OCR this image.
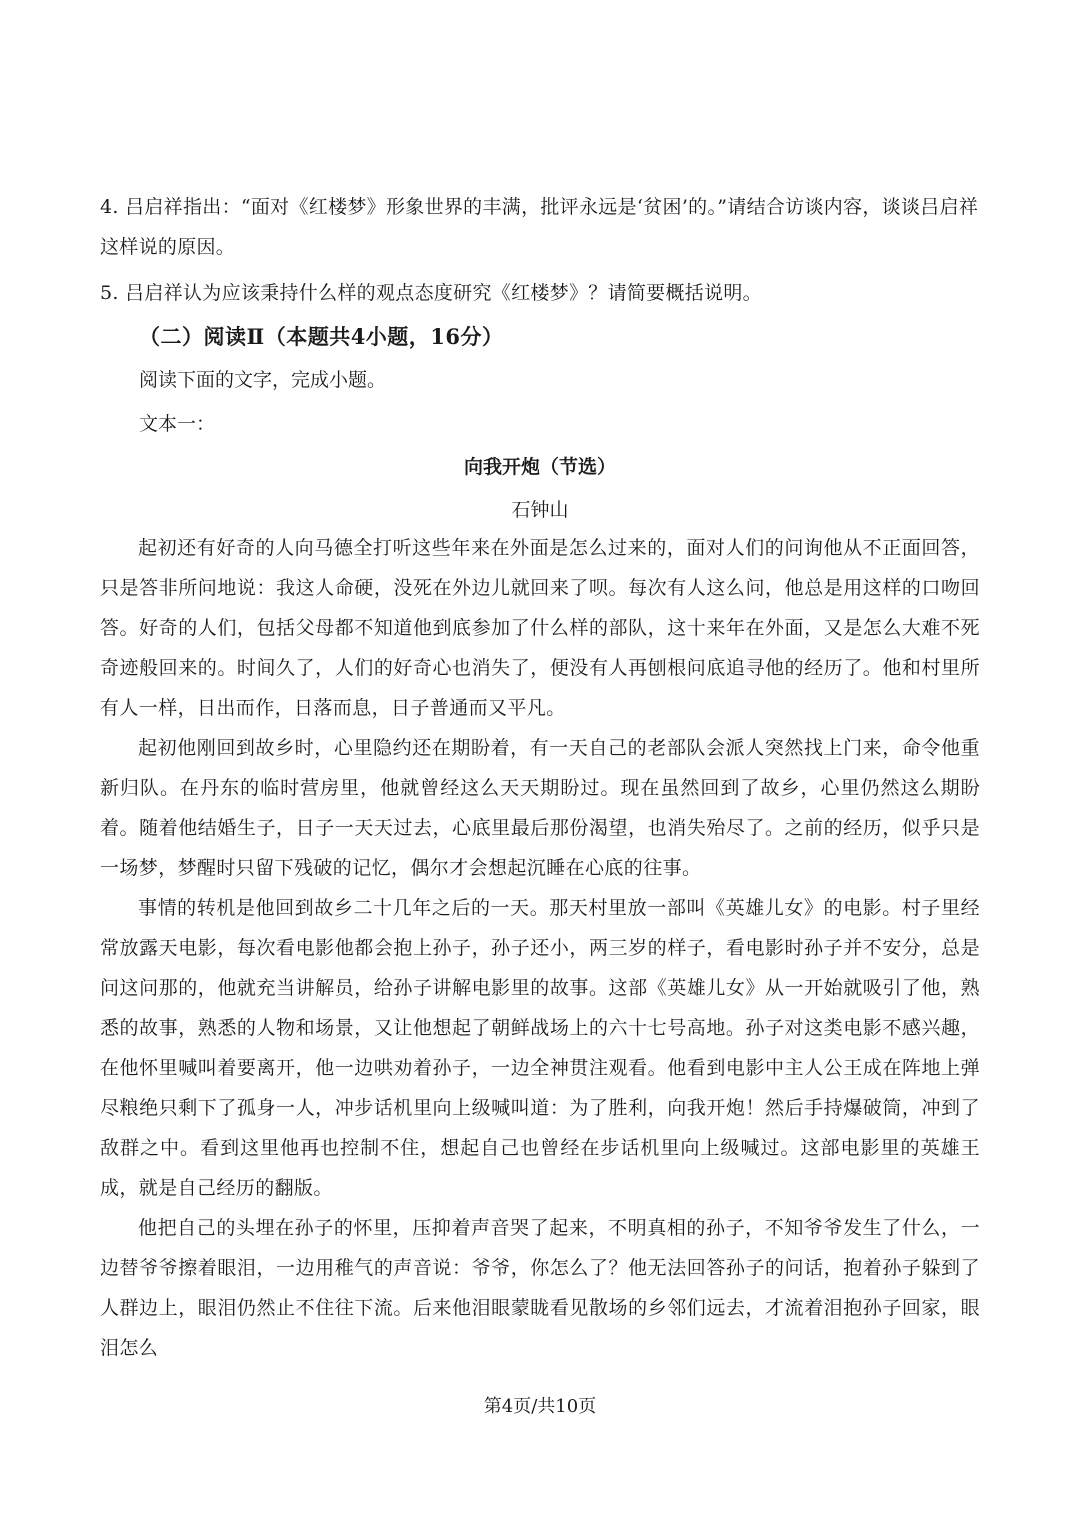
4. 吕启祥指出：“面对《红楼梦》形象世界的丰满，批评永远是‘贫困’的。”请结合访谈内容，谈谈吕启祥这样说的原因。

5. 吕启祥认为应该秉持什么样的观点态度研究《红楼梦》？请简要概括说明。

（二）阅读Ⅱ（本题共4小题，16分）

阅读下面的文字，完成小题。

文本一：

向我开炮（节选）

石钟山

起初还有好奇的人向马德全打听这些年来在外面是怎么过来的，面对人们的问询他从不正面回答，只是答非所问地说：我这人命硬，没死在外边儿就回来了呗。每次有人这么问，他总是用这样的口吻回答。好奇的人们，包括父母都不知道他到底参加了什么样的部队，这十来年在外面，又是怎么大难不死奇迹般回来的。时间久了，人们的好奇心也消失了，便没有人再刨根问底追寻他的经历了。他和村里所有人一样，日出而作，日落而息，日子普通而又平凡。

起初他刚回到故乡时，心里隐约还在期盼着，有一天自己的老部队会派人突然找上门来，命令他重新归队。在丹东的临时营房里，他就曾经这么天天期盼过。现在虽然回到了故乡，心里仍然这么期盼着。随着他结婚生子，日子一天天过去，心底里最后那份渴望，也消失殆尽了。之前的经历，似乎只是一场梦，梦醒时只留下残破的记忆，偶尔才会想起沉睡在心底的往事。

事情的转机是他回到故乡二十几年之后的一天。那天村里放一部叫《英雄儿女》的电影。村子里经常放露天电影，每次看电影他都会抱上孙子，孙子还小，两三岁的样子，看电影时孙子并不安分，总是问这问那的，他就充当讲解员，给孙子讲解电影里的故事。这部《英雄儿女》从一开始就吸引了他，熟悉的故事，熟悉的人物和场景，又让他想起了朝鲜战场上的六十七号高地。孙子对这类电影不感兴趣，在他怀里喊叫着要离开，他一边哄劝着孙子，一边全神贯注观看。他看到电影中主人公王成在阵地上弹尽粮绝只剩下了孤身一人，冲步话机里向上级喊叫道：为了胜利，向我开炮！然后手持爆破筒，冲到了敌群之中。看到这里他再也控制不住，想起自己也曾经在步话机里向上级喊过。这部电影里的英雄王成，就是自己经历的翻版。

他把自己的头埋在孙子的怀里，压抑着声音哭了起来，不明真相的孙子，不知爷爷发生了什么，一边替爷爷擦着眼泪，一边用稚气的声音说：爷爷，你怎么了？他无法回答孙子的问话，抱着孙子躲到了人群边上，眼泪仍然止不住往下流。后来他泪眼蒙眬看见散场的乡邻们远去，才流着泪抱孙子回家，眼泪怎么

第4页/共10页
